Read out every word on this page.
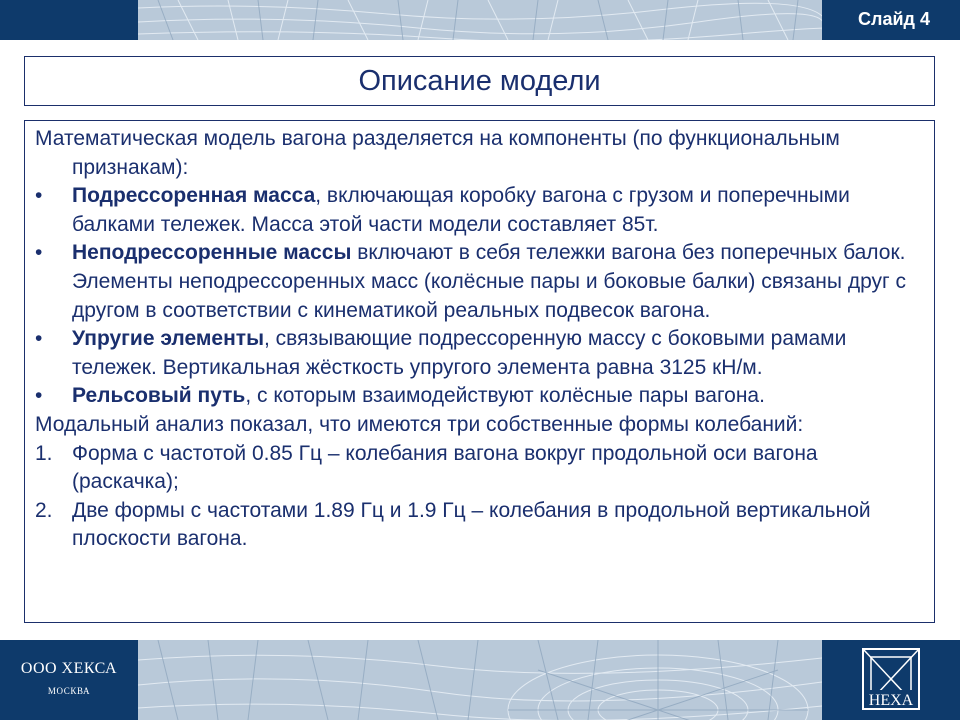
Слайд 4
Описание модели

Математическая модель вагона разделяется на компоненты (по функциональным признакам):

•	Подрессоренная масса, включающая коробку вагона с грузом и поперечными балками тележек. Масса этой части модели составляет 85т.
•	Неподрессоренные массы включают в себя тележки вагона без поперечных балок. Элементы неподрессоренных масс (колёсные пары и боковые балки) связаны друг с другом в соответствии с кинематикой реальных подвесок вагона.
•	Упругие элементы, связывающие подрессоренную массу с боковыми рамами тележек. Вертикальная жёсткость упругого элемента равна 3125 кН/м.
•	Рельсовый путь, с которым взаимодействуют колёсные пары вагона.

Модальный анализ показал, что имеются три собственные формы колебаний:

1. Форма с частотой 0.85 Гц – колебания вагона вокруг продольной оси вагона (раскачка);
2. Две формы с частотами 1.89 Гц и 1.9 Гц – колебания в продольной вертикальной плоскости вагона.
ООО ХЕКСА
МОСКВА
HEXA
